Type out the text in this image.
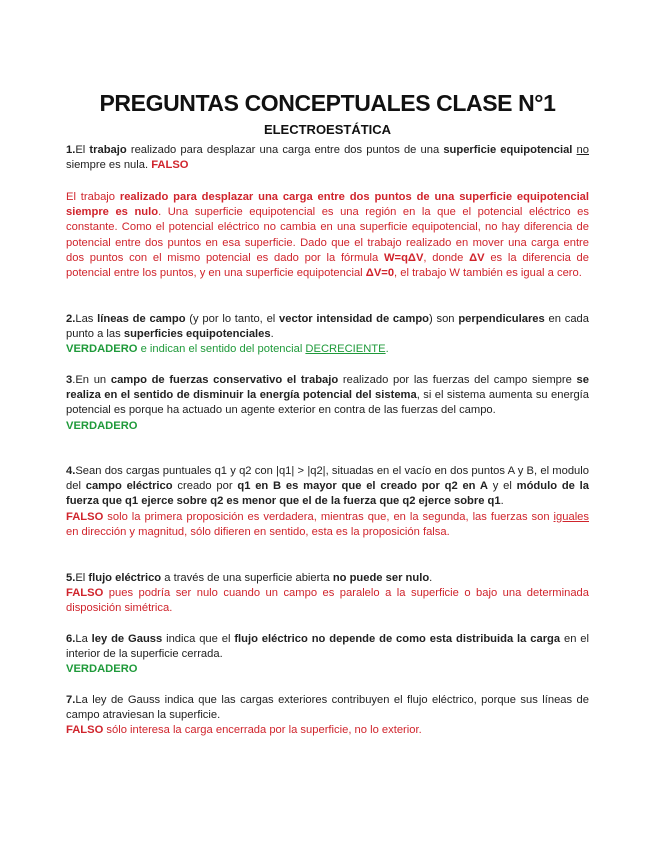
PREGUNTAS CONCEPTUALES CLASE N°1
ELECTROESTÁTICA
1.El trabajo realizado para desplazar una carga entre dos puntos de una superficie equipotencial no siempre es nula. FALSO
El trabajo realizado para desplazar una carga entre dos puntos de una superficie equipotencial siempre es nulo. Una superficie equipotencial es una región en la que el potencial eléctrico es constante. Como el potencial eléctrico no cambia en una superficie equipotencial, no hay diferencia de potencial entre dos puntos en esa superficie. Dado que el trabajo realizado en mover una carga entre dos puntos con el mismo potencial es dado por la fórmula W=qΔV, donde ΔV es la diferencia de potencial entre los puntos, y en una superficie equipotencial ΔV=0, el trabajo W también es igual a cero.
2.Las líneas de campo (y por lo tanto, el vector intensidad de campo) son perpendiculares en cada punto a las superficies equipotenciales.
VERDADERO e indican el sentido del potencial DECRECIENTE.
3.En un campo de fuerzas conservativo el trabajo realizado por las fuerzas del campo siempre se realiza en el sentido de disminuir la energía potencial del sistema, si el sistema aumenta su energía potencial es porque ha actuado un agente exterior en contra de las fuerzas del campo.
VERDADERO
4.Sean dos cargas puntuales q1 y q2 con |q1| > |q2|, situadas en el vacío en dos puntos A y B, el modulo del campo eléctrico creado por q1 en B es mayor que el creado por q2 en A y el módulo de la fuerza que q1 ejerce sobre q2 es menor que el de la fuerza que q2 ejerce sobre q1.
FALSO solo la primera proposición es verdadera, mientras que, en la segunda, las fuerzas son iguales en dirección y magnitud, sólo difieren en sentido, esta es la proposición falsa.
5.El flujo eléctrico a través de una superficie abierta no puede ser nulo.
FALSO pues podría ser nulo cuando un campo es paralelo a la superficie o bajo una determinada disposición simétrica.
6.La ley de Gauss indica que el flujo eléctrico no depende de como esta distribuida la carga en el interior de la superficie cerrada.
VERDADERO
7.La ley de Gauss indica que las cargas exteriores contribuyen el flujo eléctrico, porque sus líneas de campo atraviesan la superficie.
FALSO sólo interesa la carga encerrada por la superficie, no lo exterior.
